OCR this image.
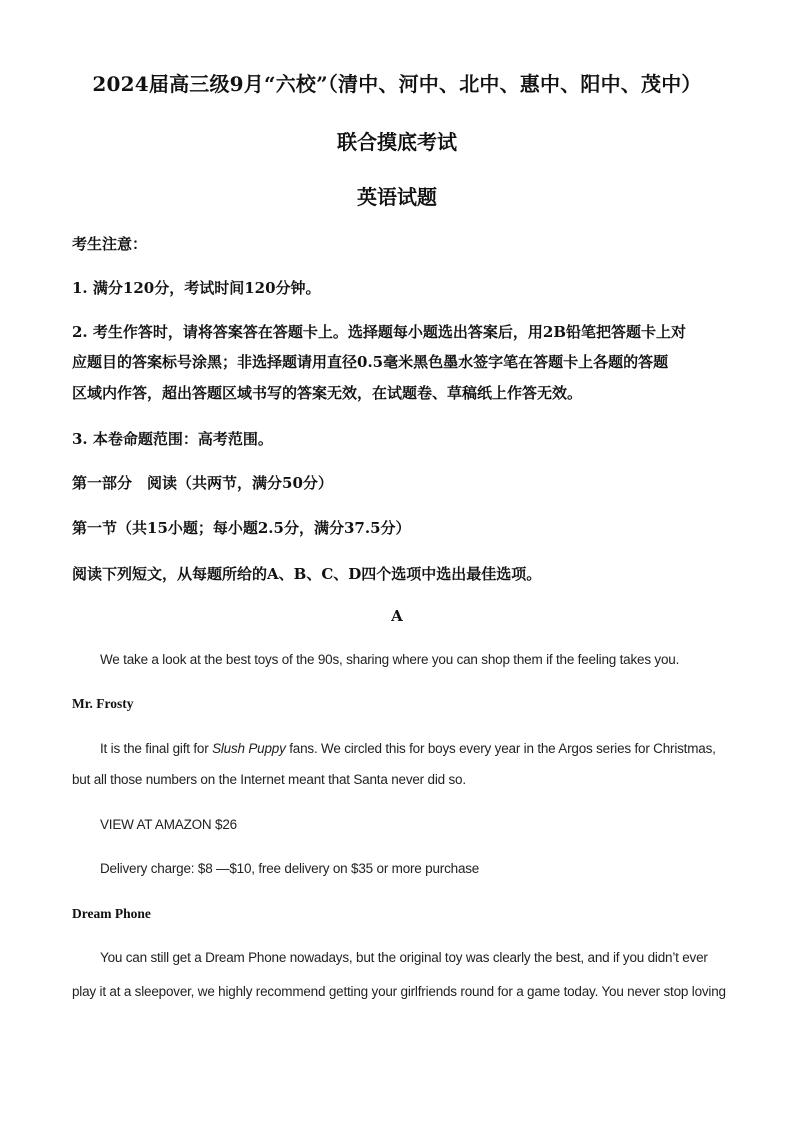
2024届高三级9月“六校”（清中、河中、北中、惠中、阳中、茂中）
联合摸底考试
英语试题
考生注意：
1. 满分120分，考试时间120分钟。
2. 考生作答时，请将答案答在答题卡上。选择题每小题选出答案后，用2B铅笔把答题卡上对
应题目的答案标号涂黑；非选择题请用直径0.5毫米黑色墨水签字笔在答题卡上各题的答题
区域内作答，超出答题区域书写的答案无效，在试题卷、草稿纸上作答无效。
3. 本卷命题范围：高考范围。
第一部分　阅读（共两节，满分50分）
第一节（共15小题；每小题2.5分，满分37.5分）
阅读下列短文，从每题所给的A、B、C、D四个选项中选出最佳选项。
A
We take a look at the best toys of the 90s, sharing where you can shop them if the feeling takes you.
Mr. Frosty
It is the final gift for Slush Puppy fans. We circled this for boys every year in the Argos series for Christmas,
but all those numbers on the Internet meant that Santa never did so.
VIEW AT AMAZON $26
Delivery charge: $8 —$10, free delivery on $35 or more purchase
Dream Phone
You can still get a Dream Phone nowadays, but the original toy was clearly the best, and if you didn’t ever
play it at a sleepover, we highly recommend getting your girlfriends round for a game today. You never stop loving
